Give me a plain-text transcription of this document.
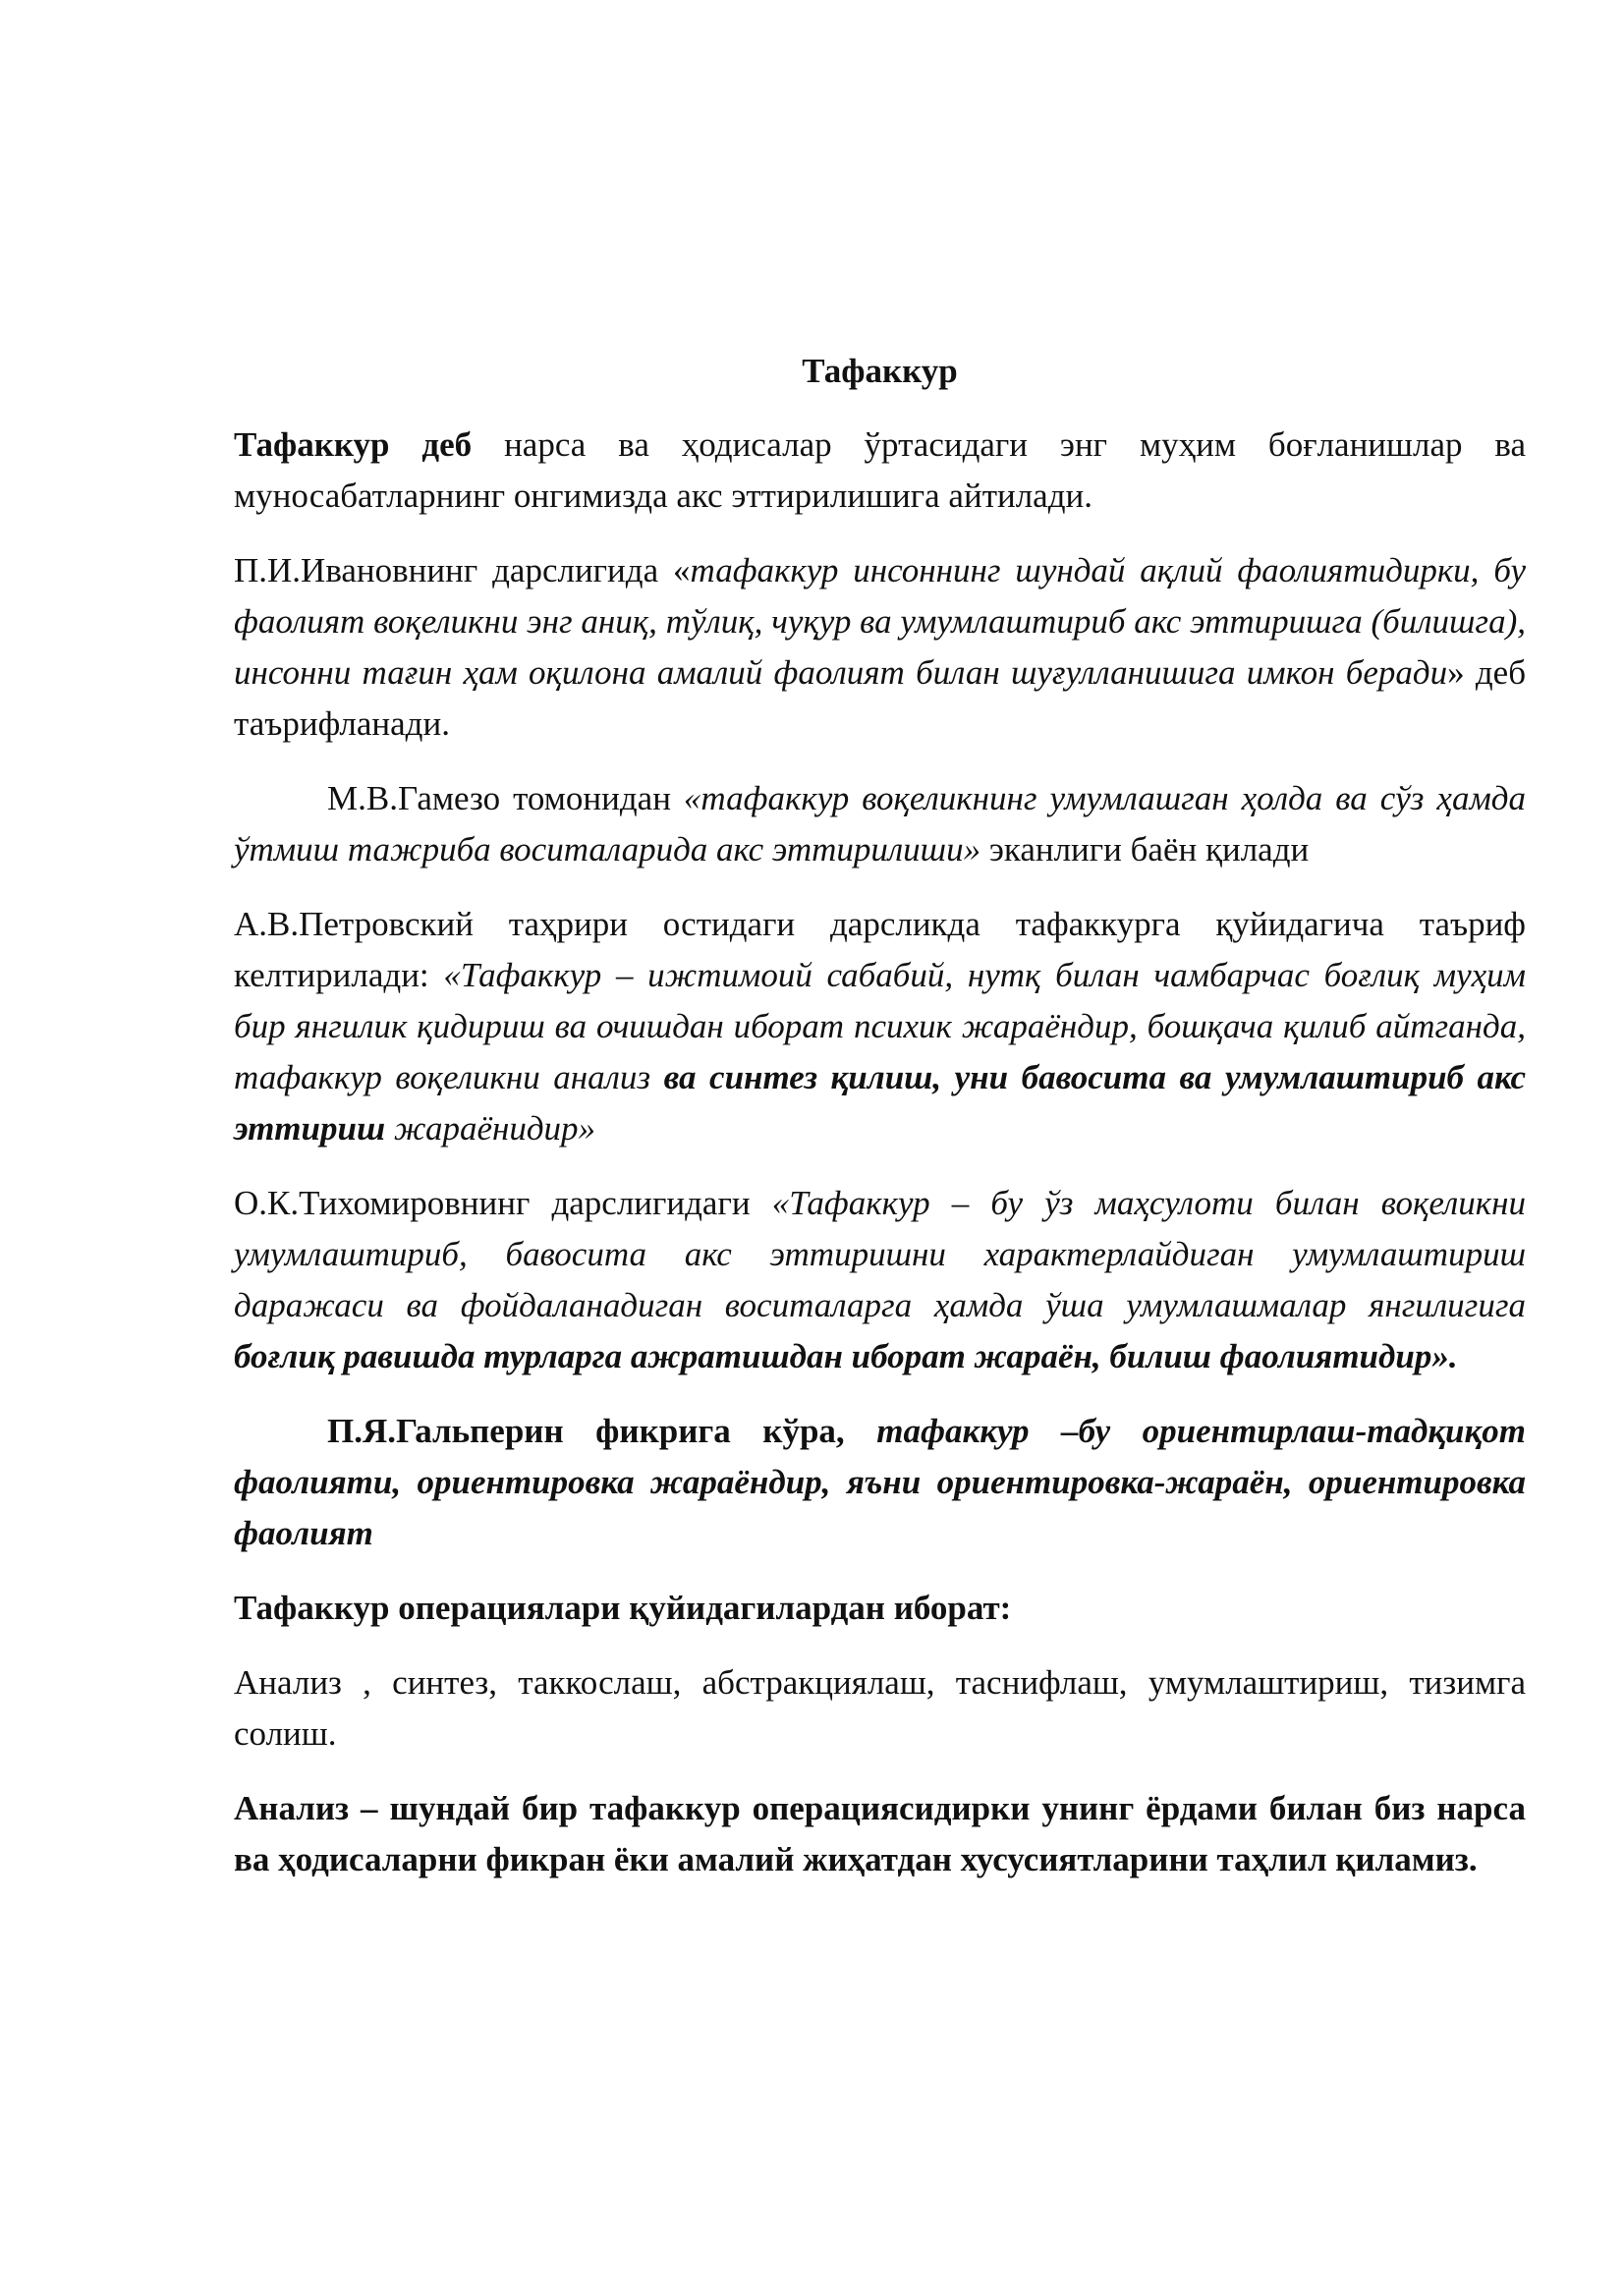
Тафаккур

Тафаккур деб нарса ва ҳодисалар ўртасидаги энг муҳим боғланишлар ва муносабатларнинг онгимизда акс эттирилишига айтилади.

П.И.Ивановнинг дарслигида «тафаккур инсоннинг шундай ақлий фаолиятидирки, бу фаолият воқеликни энг аниқ, тўлиқ, чуқур ва умумлаштириб акс эттиришга (билишга), инсонни тағин ҳам оқилона амалий фаолият билан шуғулланишига имкон беради» деб таърифланади.

М.В.Гамезо томонидан «тафаккур воқеликнинг умумлашган ҳолда ва сўз ҳамда ўтмиш тажриба воситаларида акс эттирилиши» эканлиги баён қилади

А.В.Петровский таҳрири остидаги дарсликда тафаккурга қуйидагича таъриф келтирилади: «Тафаккур – ижтимоий сабабий, нутқ билан чамбарчас боғлиқ муҳим бир янгилик қидириш ва очишдан иборат психик жараёндир, бошқача қилиб айтганда, тафаккур воқеликни анализ ва синтез қилиш, уни бавосита ва умумлаштириб акс эттириш жараёнидир»

О.К.Тихомировнинг дарслигидаги «Тафаккур – бу ўз маҳсулоти билан воқеликни умумлаштириб, бавосита акс эттиришни характерлайдиган умумлаштириш даражаси ва фойдаланадиган воситаларга ҳамда ўша умумлашмалар янгилигига боғлиқ равишда турларга ажратишдан иборат жараён, билиш фаолиятидир».

П.Я.Гальперин фикрига кўра, тафаккур –бу ориентирлаш-тадқиқот фаолияти, ориентировка жараёндир, яъни ориентировка-жараён, ориентировка фаолият

Тафаккур операциялари қуйидагилардан иборат:

Анализ , синтез, таккослаш, абстракциялаш, таснифлаш, умумлаштириш, тизимга солиш.

Анализ – шундай бир тафаккур операциясидирки унинг ёрдами билан биз нарса ва ҳодисаларни фикран ёки амалий жиҳатдан хусусиятларини таҳлил қиламиз.
